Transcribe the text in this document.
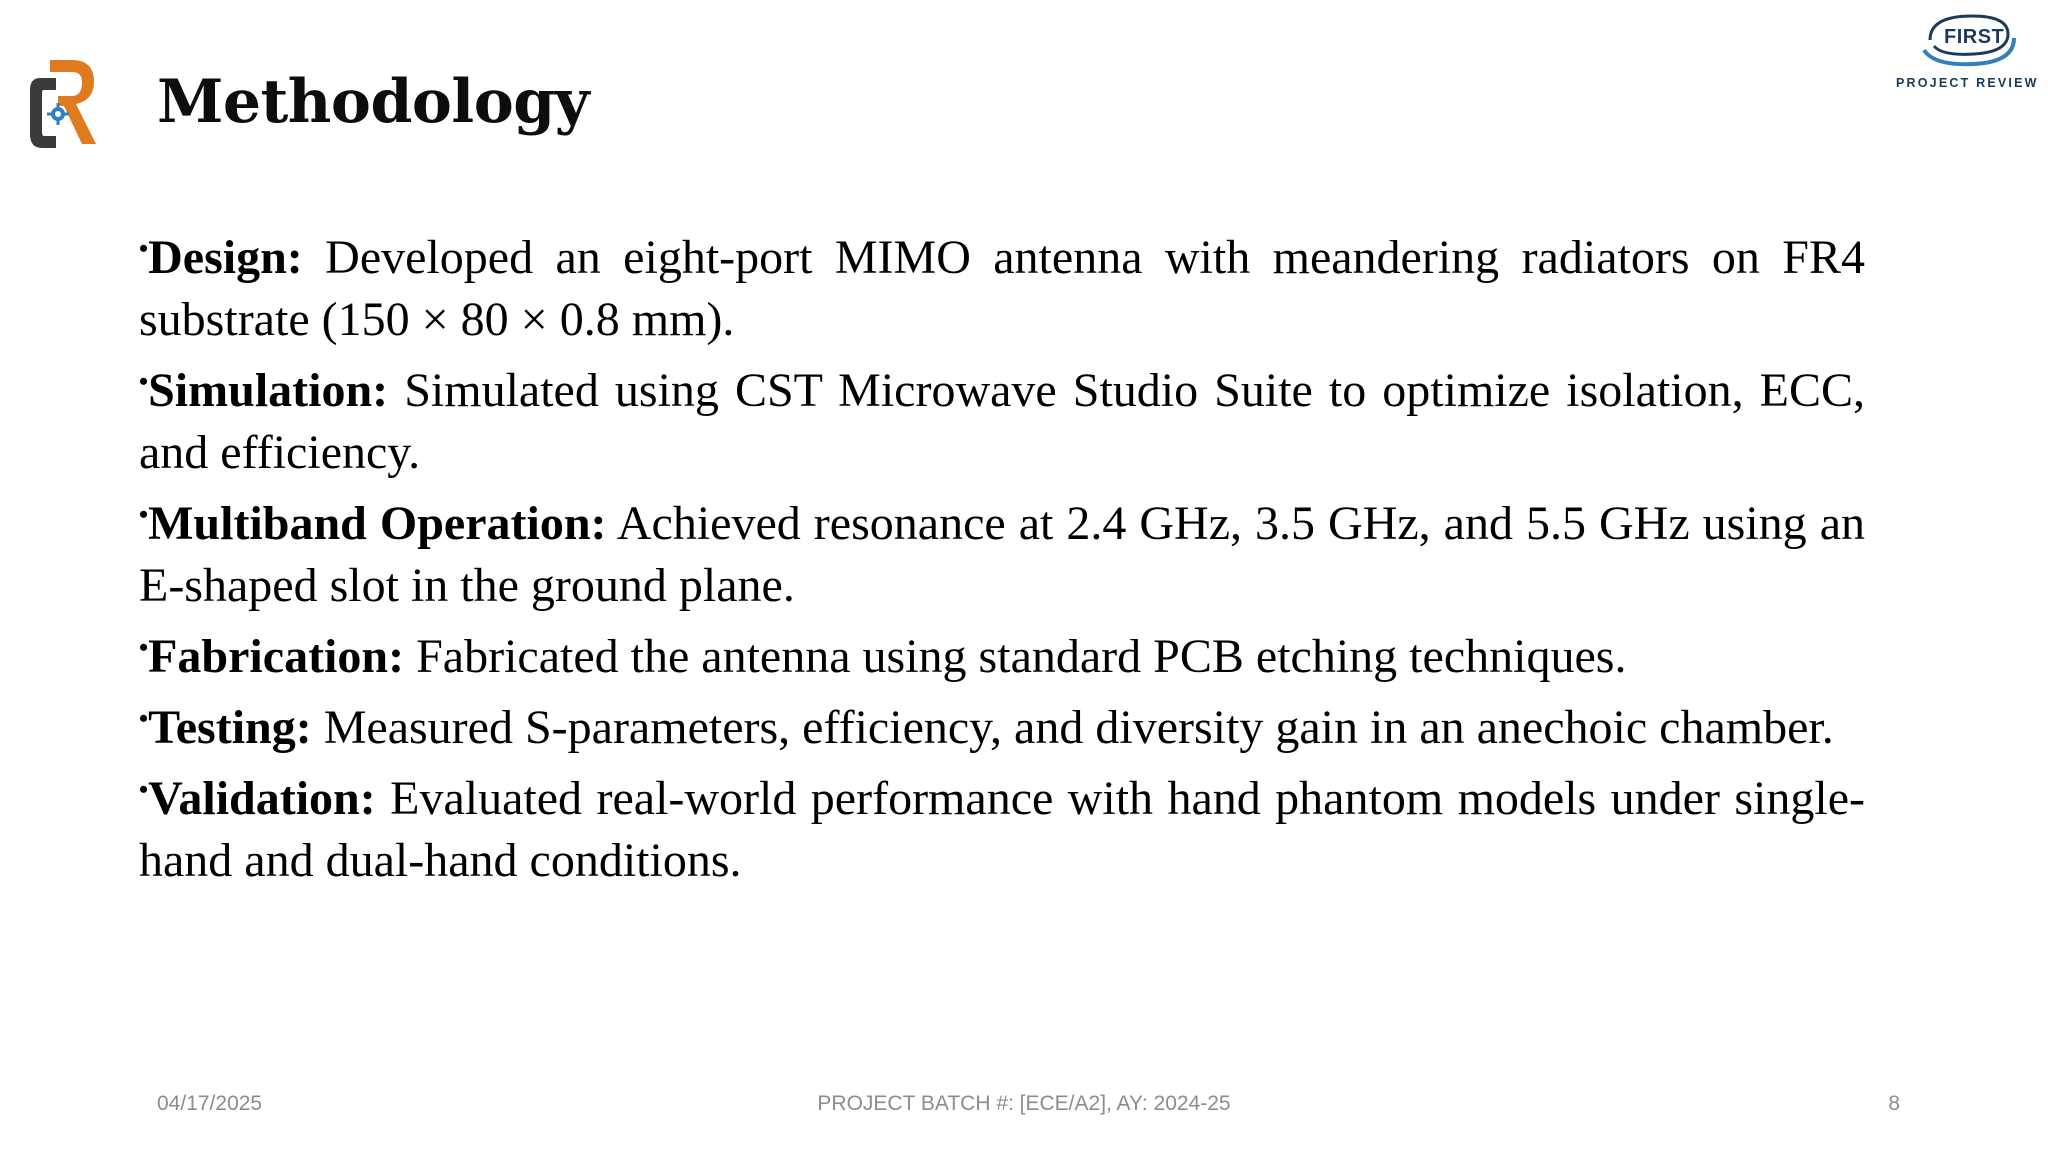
Methodology
FIRST
PROJECT REVIEW
•Design: Developed an eight-port MIMO antenna with meandering radiators on FR4 substrate (150 × 80 × 0.8 mm).
•Simulation: Simulated using CST Microwave Studio Suite to optimize isolation, ECC, and efficiency.
•Multiband Operation: Achieved resonance at 2.4 GHz, 3.5 GHz, and 5.5 GHz using an E-shaped slot in the ground plane.
•Fabrication: Fabricated the antenna using standard PCB etching techniques.
•Testing: Measured S-parameters, efficiency, and diversity gain in an anechoic chamber.
•Validation: Evaluated real-world performance with hand phantom models under single-hand and dual-hand conditions.
04/17/2025	PROJECT BATCH #: [ECE/A2], AY: 2024-25	8
